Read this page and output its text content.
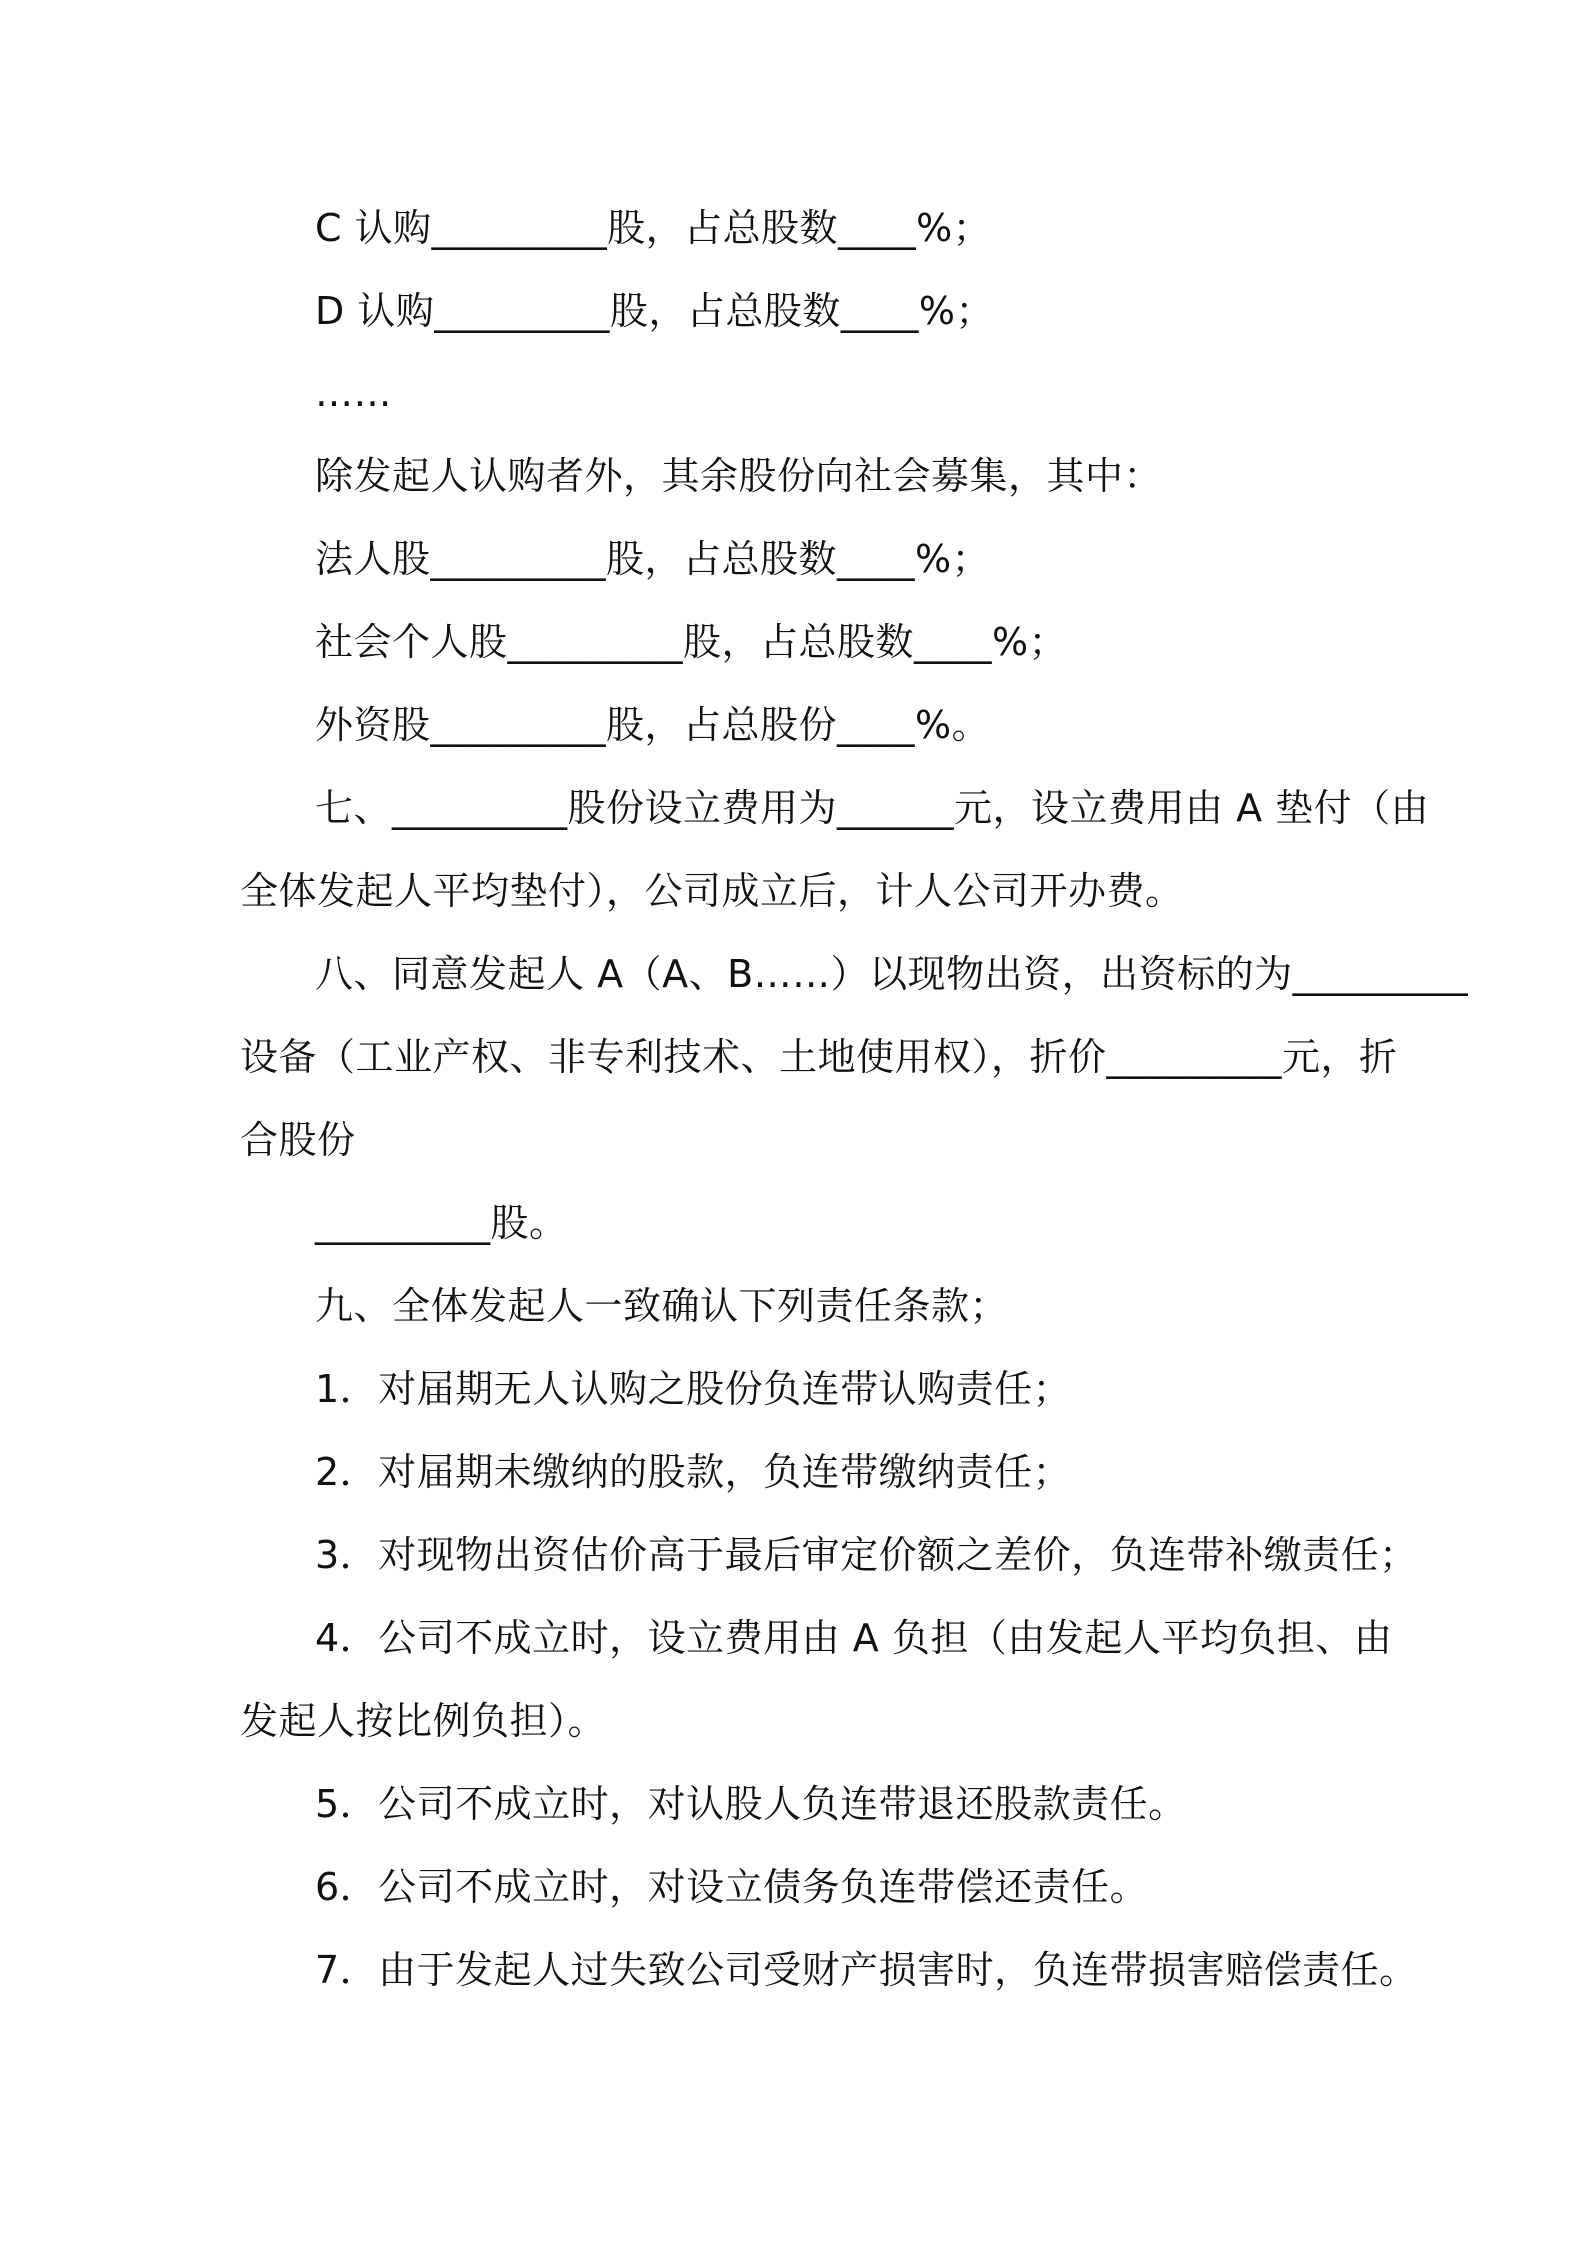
C 认购_________股，占总股数____%；
D 认购_________股，占总股数____%；
……
除发起人认购者外，其余股份向社会募集，其中：
法人股_________股，占总股数____%；
社会个人股_________股，占总股数____%；
外资股_________股，占总股份____%。
七、_________股份设立费用为______元，设立费用由 A 垫付（由
全体发起人平均垫付），公司成立后，计人公司开办费。
八、同意发起人 A（A、B……）以现物出资，出资标的为_________
设备（工业产权、非专利技术、土地使用权），折价_________元，折
合股份
_________股。
九、全体发起人一致确认下列责任条款；
1．对届期无人认购之股份负连带认购责任；
2．对届期未缴纳的股款，负连带缴纳责任；
3．对现物出资估价高于最后审定价额之差价，负连带补缴责任；
4．公司不成立时，设立费用由 A 负担（由发起人平均负担、由
发起人按比例负担）。
5．公司不成立时，对认股人负连带退还股款责任。
6．公司不成立时，对设立债务负连带偿还责任。
7．由于发起人过失致公司受财产损害时，负连带损害赔偿责任。
